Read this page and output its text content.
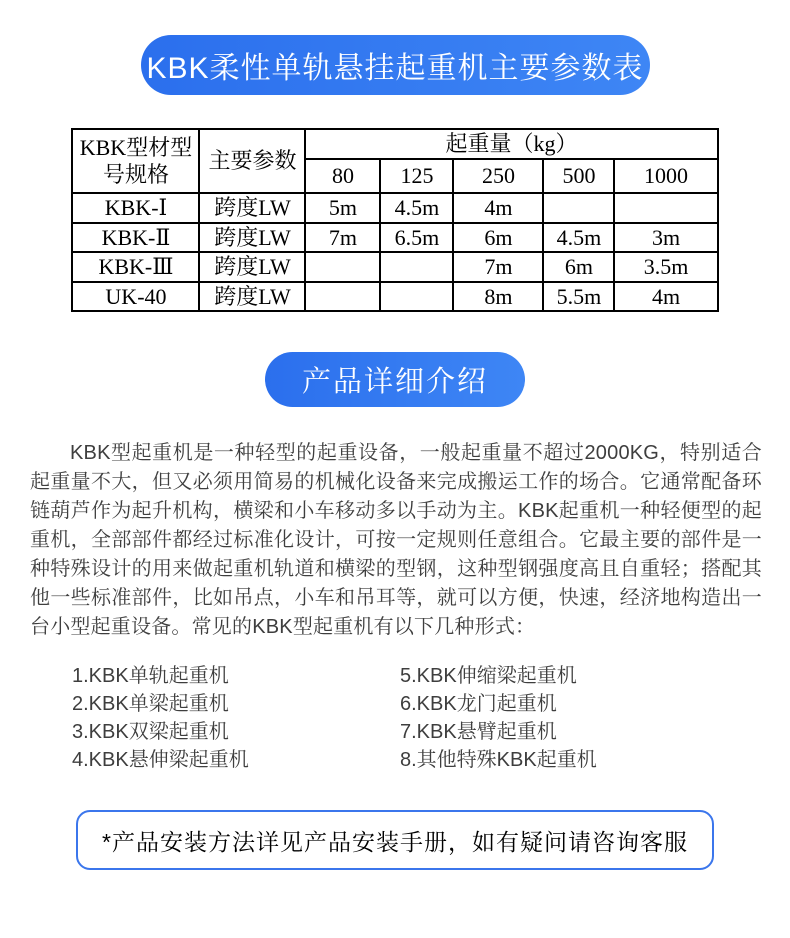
KBK柔性单轨悬挂起重机主要参数表
KBK型材型
号规格	主要参数	起重量（kg）				
		80	125	250	500	1000
KBK-Ⅰ	跨度LW	5m	4.5m	4m		
KBK-Ⅱ	跨度LW	7m	6.5m	6m	4.5m	3m
KBK-Ⅲ	跨度LW			7m	6m	3.5m
UK-40	跨度LW			8m	5.5m	4m
产品详细介绍

KBK型起重机是一种轻型的起重设备，一般起重量不超过2000KG，特别适合起重量不大，但又必须用简易的机械化设备来完成搬运工作的场合。它通常配备环链葫芦作为起升机构，横梁和小车移动多以手动为主。KBK起重机一种轻便型的起重机，全部部件都经过标准化设计，可按一定规则任意组合。它最主要的部件是一种特殊设计的用来做起重机轨道和横梁的型钢，这种型钢强度高且自重轻；搭配其他一些标准部件，比如吊点，小车和吊耳等，就可以方便，快速，经济地构造出一台小型起重设备。常见的KBK型起重机有以下几种形式：

1.KBK单轨起重机
2.KBK单梁起重机
3.KBK双梁起重机
4.KBK悬伸梁起重机
5.KBK伸缩梁起重机
6.KBK龙门起重机
7.KBK悬臂起重机
8.其他特殊KBK起重机
*产品安装方法详见产品安装手册，如有疑问请咨询客服
